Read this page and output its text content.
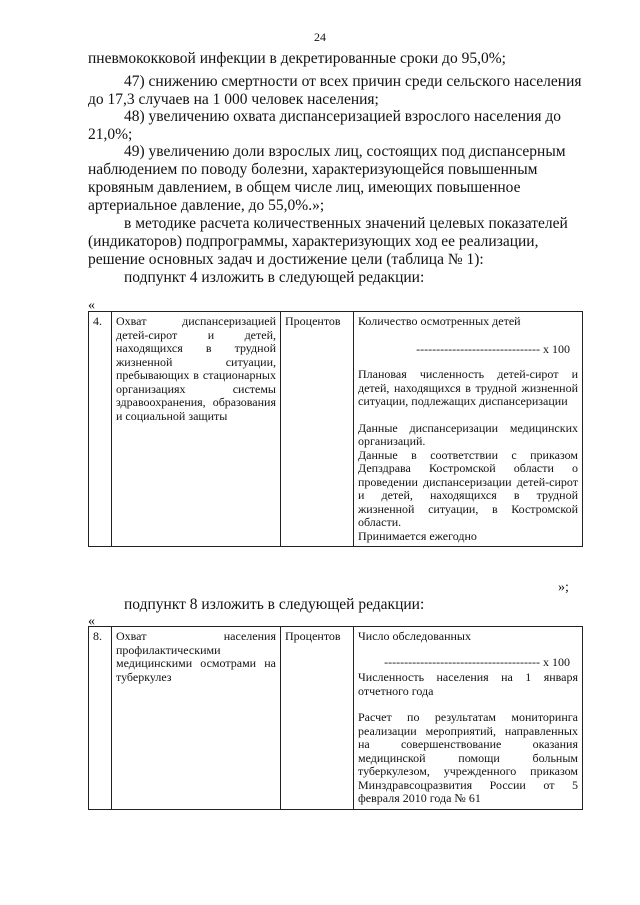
24
пневмококковой инфекции в декретированные сроки до 95,0%;
47) снижению смертности от всех причин среди сельского населения
до 17,3 случаев на 1 000 человек населения;
48) увеличению охвата диспансеризацией взрослого населения до
21,0%;
49) увеличению доли взрослых лиц, состоящих под диспансерным
наблюдением по поводу болезни, характеризующейся повышенным
кровяным давлением, в общем числе лиц, имеющих повышенное
артериальное давление, до 55,0%.»;
в методике расчета количественных значений целевых показателей
(индикаторов) подпрограммы, характеризующих ход ее реализации,
решение основных задач и достижение цели (таблица № 1):
подпункт 4 изложить в следующей редакции:
«
4.	Охват диспансеризацией детей-сирот и детей, находящихся в трудной жизненной ситуации, пребывающих в стационарных организациях системы здравоохранения, образования и социальной защиты	Процентов	Количество осмотренных детей

------------------------------- х 100

Плановая численность детей-сирот и детей, находящихся в трудной жизненной ситуации, подлежащих диспансеризации

Данные диспансеризации медицинских организаций.

Данные в соответствии с приказом Депздрава Костромской области о проведении диспансеризации детей-сирот и детей, находящихся в трудной жизненной ситуации, в Костромской области.

Принимается ежегодно

»;
подпункт 8 изложить в следующей редакции:
«
8.	Охват населения профилактическими медицинскими осмотрами на туберкулез	Процентов	Число обследованных

--------------------------------------- х 100

Численность населения на 1 января отчетного года

Расчет по результатам мониторинга реализации мероприятий, направленных на совершенствование оказания медицинской помощи больным туберкулезом, учрежденного приказом Минздравсоцразвития России от 5 февраля 2010 года № 61
